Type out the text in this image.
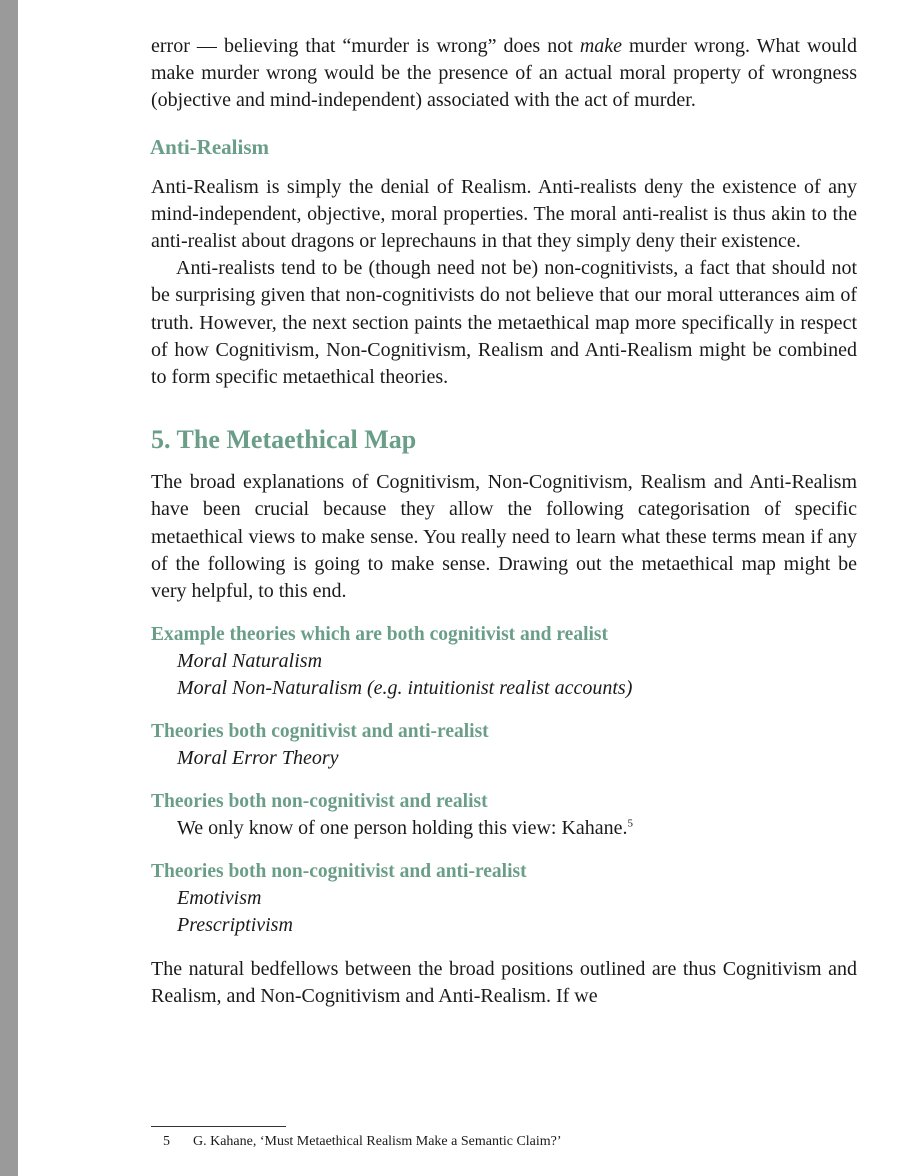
error — believing that “murder is wrong” does not make murder wrong. What would make murder wrong would be the presence of an actual moral property of wrongness (objective and mind-independent) associated with the act of murder.

Anti-Realism

Anti-Realism is simply the denial of Realism. Anti-realists deny the existence of any mind-independent, objective, moral properties. The moral anti-realist is thus akin to the anti-realist about dragons or leprechauns in that they simply deny their existence.

Anti-realists tend to be (though need not be) non-cognitivists, a fact that should not be surprising given that non-cognitivists do not believe that our moral utterances aim of truth. However, the next section paints the metaethical map more specifically in respect of how Cognitivism, Non-Cognitivism, Realism and Anti-Realism might be combined to form specific metaethical theories.

5. The Metaethical Map

The broad explanations of Cognitivism, Non-Cognitivism, Realism and Anti-Realism have been crucial because they allow the following categorisation of specific metaethical views to make sense. You really need to learn what these terms mean if any of the following is going to make sense. Drawing out the metaethical map might be very helpful, to this end.

Example theories which are both cognitivist and realist
Moral Naturalism
Moral Non-Naturalism (e.g. intuitionist realist accounts)
Theories both cognitivist and anti-realist
Moral Error Theory
Theories both non-cognitivist and realist
We only know of one person holding this view: Kahane.$^5$
Theories both non-cognitivist and anti-realist
Emotivism
Prescriptivism

The natural bedfellows between the broad positions outlined are thus Cognitivism and Realism, and Non-Cognitivism and Anti-Realism. If we

5 G. Kahane, ‘Must Metaethical Realism Make a Semantic Claim?’
